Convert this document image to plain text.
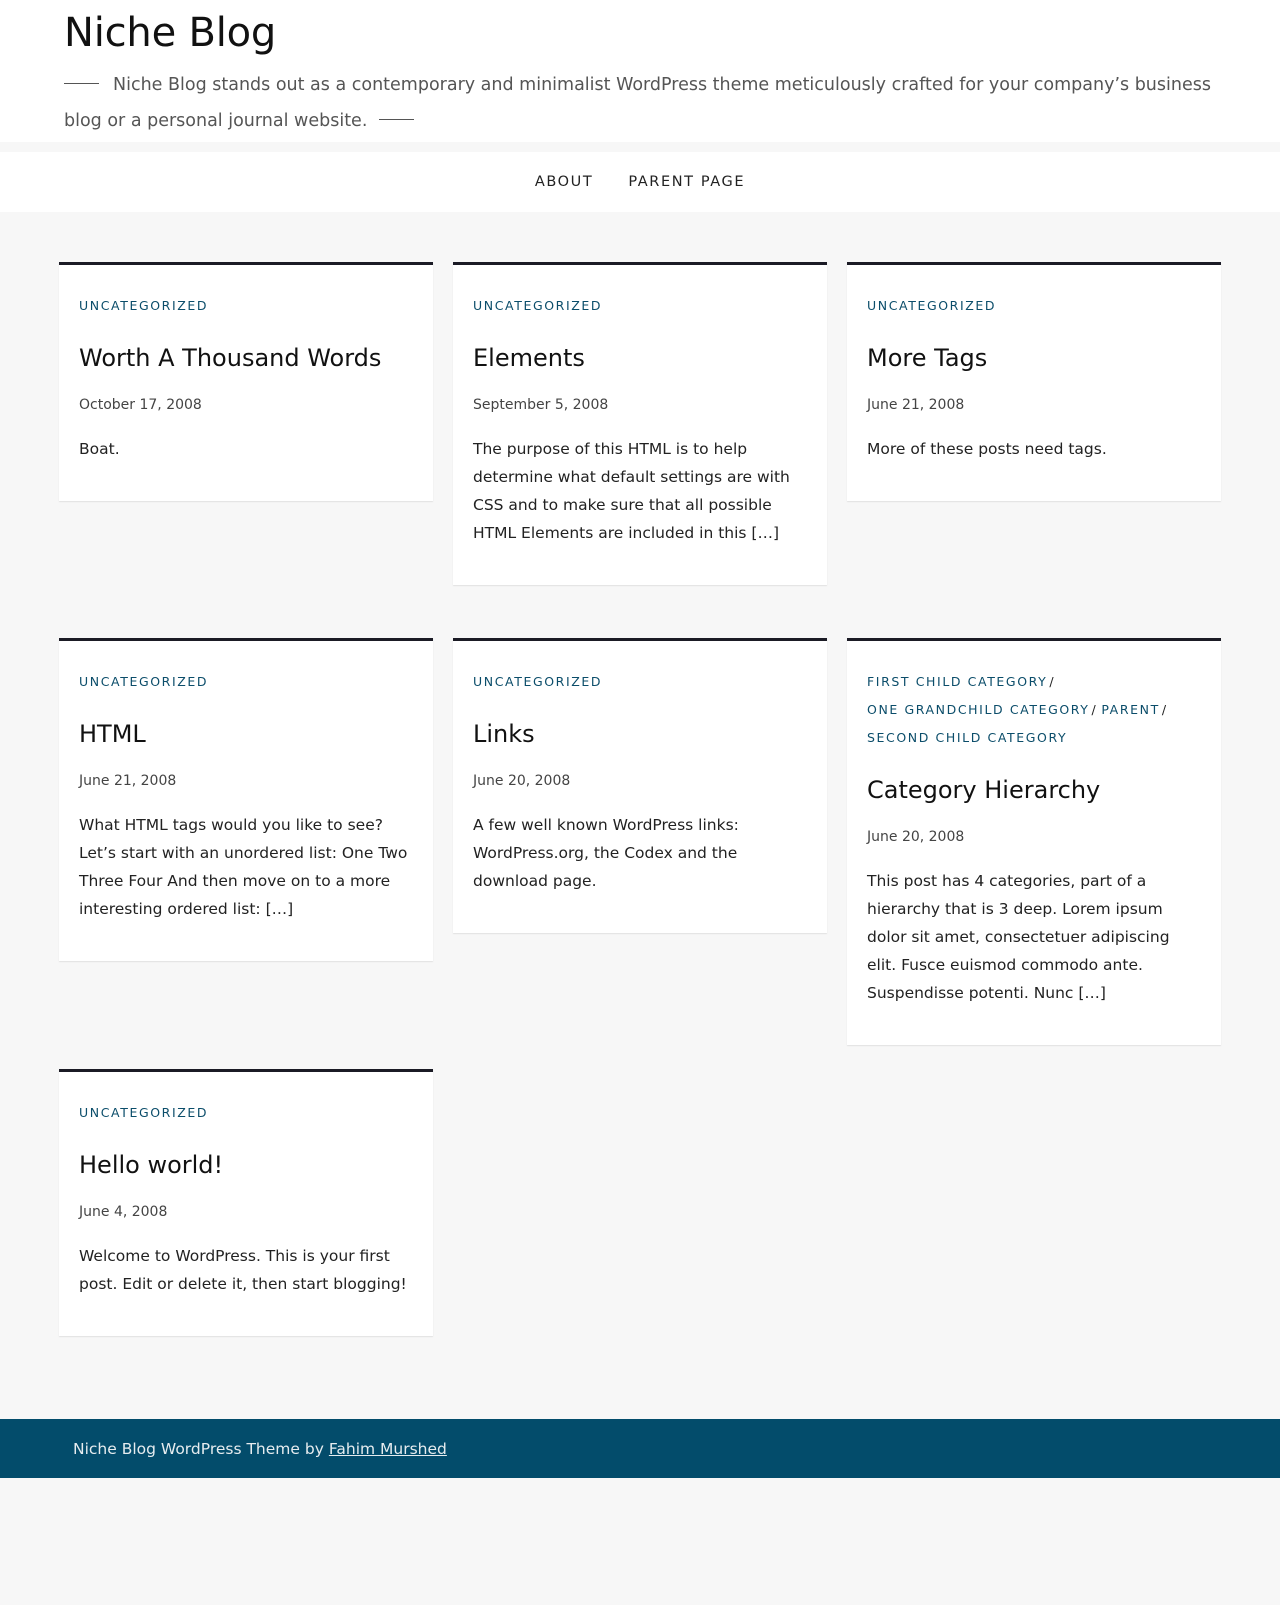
Niche Blog

Niche Blog stands out as a contemporary and minimalist WordPress theme meticulously crafted for your company’s business blog or a personal journal website.

ABOUT PARENT PAGE
UNCATEGORIZED
Worth A Thousand Words
October 17, 2008

Boat.

UNCATEGORIZED
Elements
September 5, 2008

The purpose of this HTML is to help determine what default settings are with CSS and to make sure that all possible HTML Elements are included in this […]

UNCATEGORIZED
More Tags
June 21, 2008

More of these posts need tags.

UNCATEGORIZED
HTML
June 21, 2008

What HTML tags would you like to see? Let’s start with an unordered list: One Two Three Four And then move on to a more interesting ordered list: […]

UNCATEGORIZED
Links
June 20, 2008

A few well known WordPress links: WordPress.org, the Codex and the download page.

FIRST CHILD CATEGORY /
ONE GRANDCHILD CATEGORY / PARENT /
SECOND CHILD CATEGORY
Category Hierarchy
June 20, 2008

This post has 4 categories, part of a hierarchy that is 3 deep. Lorem ipsum dolor sit amet, consectetuer adipiscing elit. Fusce euismod commodo ante. Suspendisse potenti. Nunc […]

UNCATEGORIZED
Hello world!
June 4, 2008

Welcome to WordPress. This is your first post. Edit or delete it, then start blogging!

Niche Blog WordPress Theme by Fahim Murshed
